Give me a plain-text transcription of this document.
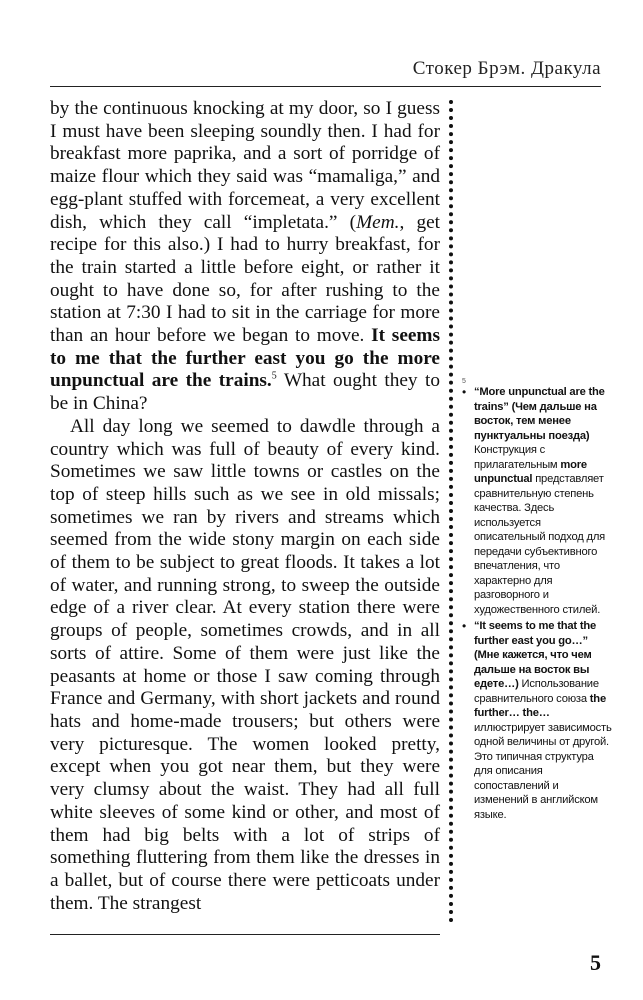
Стокер Брэм. Дракула

by the continuous knocking at my door, so I guess I must have been sleeping soundly then. I had for breakfast more paprika, and a sort of porridge of maize flour which they said was “mamaliga,” and egg-plant stuffed with forcemeat, a very excellent dish, which they call “impletata.” (Mem., get recipe for this also.) I had to hurry breakfast, for the train started a little before eight, or rather it ought to have done so, for after rushing to the station at 7:30 I had to sit in the carriage for more than an hour before we began to move. It seems to me that the further east you go the more unpunctual are the trains.$^5$ What ought they to be in China?

All day long we seemed to dawdle through a country which was full of beauty of every kind. Sometimes we saw little towns or castles on the top of steep hills such as we see in old missals; sometimes we ran by rivers and streams which seemed from the wide stony margin on each side of them to be subject to great floods. It takes a lot of water, and running strong, to sweep the outside edge of a river clear. At every station there were groups of people, sometimes crowds, and in all sorts of attire. Some of them were just like the peasants at home or those I saw coming through France and Germany, with short jackets and round hats and home-made trousers; but others were very picturesque. The women looked pretty, except when you got near them, but they were very clumsy about the waist. They had all full white sleeves of some kind or other, and most of them had big belts with a lot of strips of something fluttering from them like the dresses in a ballet, but of course there were petticoats under them. The strangest

5

• “More unpunctual are the trains” (Чем дальше на восток, тем менее пунктуальны поезда) Конструкция с прилагательным more unpunctual представляет сравнительную степень качества. Здесь используется описательный подход для передачи субъективного впечатления, что характерно для разговорного и художественного стилей.

• “It seems to me that the further east you go…” (Мне кажется, что чем дальше на восток вы едете…) Использование сравнительного союза the further… the… иллюстрирует зависимость одной величины от другой. Это типичная структура для описания сопоставлений и изменений в английском языке.

5
